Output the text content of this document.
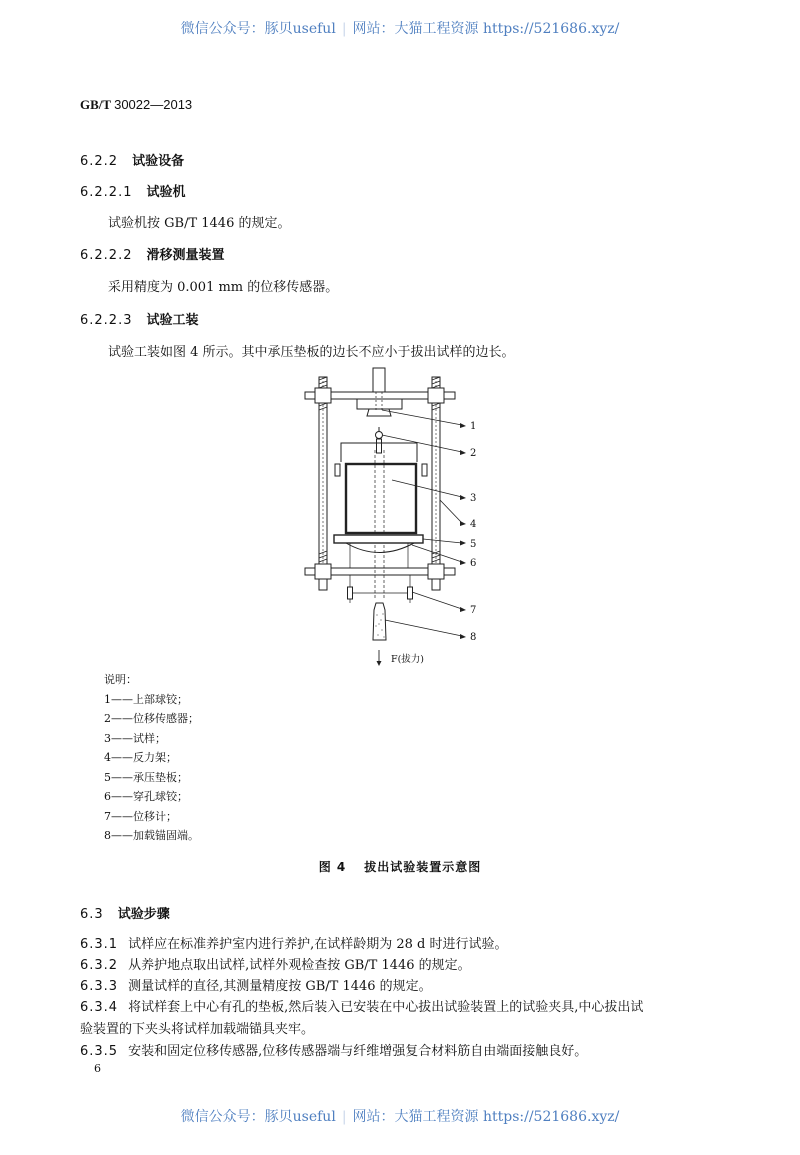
微信公众号：豚贝useful | 网站：大猫工程资源 https://521686.xyz/
GB/T 30022—2013
6.2.2 试验设备
6.2.2.1 试验机
试验机按 GB/T 1446 的规定。
6.2.2.2 滑移测量装置
采用精度为 0.001 mm 的位移传感器。
6.2.2.3 试验工装
试验工装如图 4 所示。其中承压垫板的边长不应小于拔出试样的边长。
1
2
3
4
5
6
7
8
F(拔力)
说明：
1——上部球铰；
2——位移传感器；
3——试样；
4——反力架；
5——承压垫板；
6——穿孔球铰；
7——位移计；
8——加载锚固端。
图 4 拔出试验装置示意图
6.3 试验步骤
6.3.1 试样应在标准养护室内进行养护,在试样龄期为 28 d 时进行试验。
6.3.2 从养护地点取出试样,试样外观检查按 GB/T 1446 的规定。
6.3.3 测量试样的直径,其测量精度按 GB/T 1446 的规定。
6.3.4 将试样套上中心有孔的垫板,然后装入已安装在中心拔出试验装置上的试验夹具,中心拔出试
验装置的下夹头将试样加载端锚具夹牢。
6.3.5 安装和固定位移传感器,位移传感器端与纤维增强复合材料筋自由端面接触良好。
6
微信公众号：豚贝useful | 网站：大猫工程资源 https://521686.xyz/
